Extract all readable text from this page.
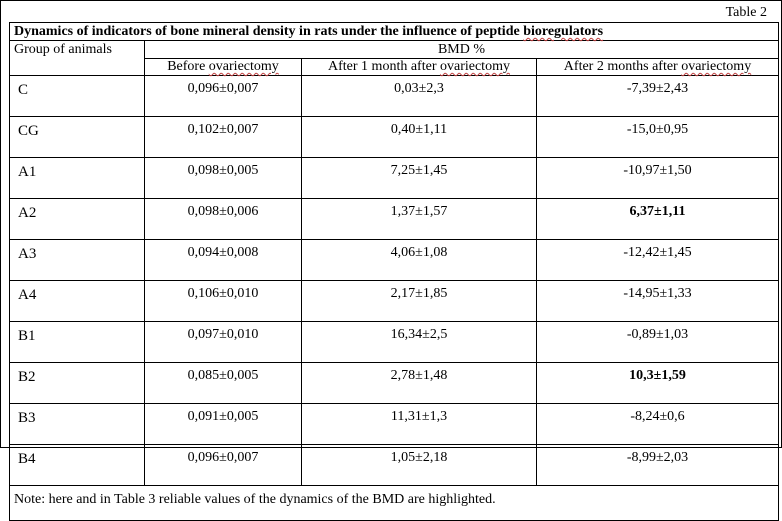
Table 2
Dynamics of indicators of bone mineral density in rats under the influence of peptide bioregulators			
Group of animals	BMD %		
	Before ovariectomy	After 1 month after ovariectomy	After 2 months after ovariectomy
C	0,096±0,007	0,03±2,3	-7,39±2,43
CG	0,102±0,007	0,40±1,11	-15,0±0,95
A1	0,098±0,005	7,25±1,45	-10,97±1,50
A2	0,098±0,006	1,37±1,57	6,37±1,11
A3	0,094±0,008	4,06±1,08	-12,42±1,45
A4	0,106±0,010	2,17±1,85	-14,95±1,33
B1	0,097±0,010	16,34±2,5	-0,89±1,03
B2	0,085±0,005	2,78±1,48	10,3±1,59
B3	0,091±0,005	11,31±1,3	-8,24±0,6
B4	0,096±0,007	1,05±2,18	-8,99±2,03
Note: here and in Table 3 reliable values of the dynamics of the BMD are highlighted.			
